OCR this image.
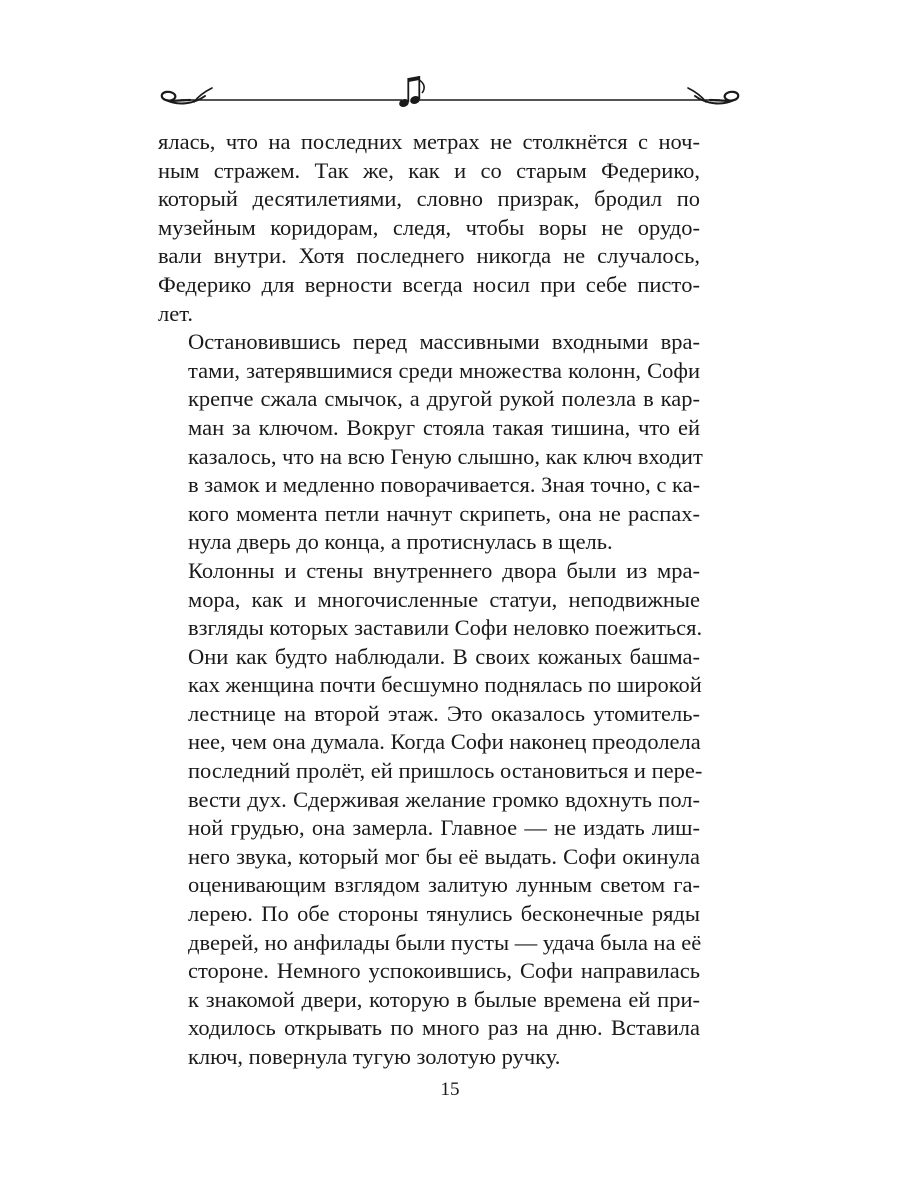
ялась, что на последних метрах не столкнётся с ноч-
ным стражем. Так же, как и со старым Федерико,
который десятилетиями, словно призрак, бродил по
музейным коридорам, следя, чтобы воры не орудо-
вали внутри. Хотя последнего никогда не случалось,
Федерико для верности всегда носил при себе пистo-
лет.

Остановившись перед массивными входными вра-
тами, затерявшимися среди множества колонн, Софи
крепче сжала смычок, а другой рукой полезла в кар-
ман за ключом. Вокруг стояла такая тишина, что ей
казалось, что на всю Геную слышно, как ключ входит
в замок и медленно поворачивается. Зная точно, с ка-
кого момента петли начнут скрипеть, она не распах-
нула дверь до конца, а протиснулась в щель.

Колонны и стены внутреннего двора были из мра-
мора, как и многочисленные статуи, неподвижные
взгляды которых заставили Софи неловко поежиться.
Они как будто наблюдали. В своих кожаных башма-
ках женщина почти бесшумно поднялась по широкой
лестнице на второй этаж. Это оказалось утомитель-
нее, чем она думала. Когда Софи наконец преодолела
последний пролёт, ей пришлось остановиться и пере-
вести дух. Сдерживая желание громко вдохнуть пол-
ной грудью, она замерла. Главное — не издать лиш-
него звука, который мог бы её выдать. Софи окинула
оценивающим взглядом залитую лунным светом га-
лерею. По обе стороны тянулись бесконечные ряды
дверей, но анфилады были пусты — удача была на её
стороне. Немного успокоившись, Софи направилась
к знакомой двери, которую в былые времена ей при-
ходилось открывать по много раз на дню. Вставила
ключ, повернула тугую золотую ручку.

15
